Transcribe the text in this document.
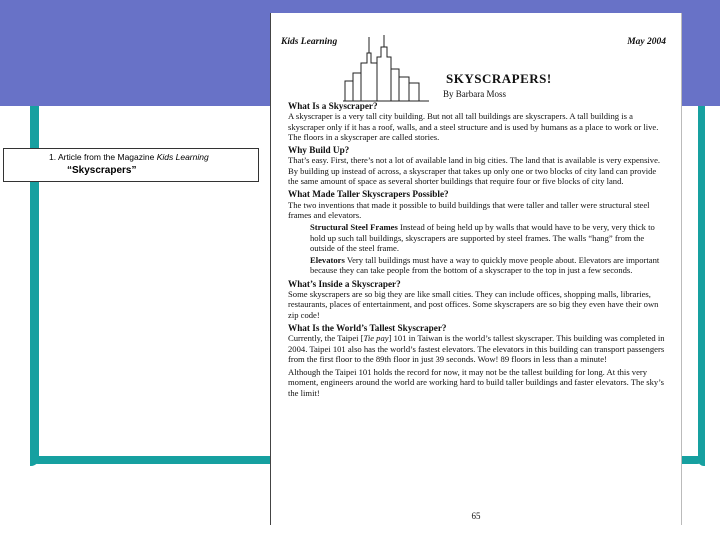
1. Article from the Magazine Kids Learning
“Skyscrapers”
Kids Learning	May 2004
SKYSCRAPERS!
By Barbara Moss
What Is a Skyscraper?

A skyscraper is a very tall city building. But not all tall buildings are skyscrapers. A tall building is a skyscraper only if it has a roof, walls, and a steel structure and is used by humans as a place to work or live. The floors in a skyscraper are called stories.

Why Build Up?

That’s easy. First, there’s not a lot of available land in big cities. The land that is available is very expensive. By building up instead of across, a skyscraper that takes up only one or two blocks of city land can provide the same amount of space as several shorter buildings that require four or five blocks of city land.

What Made Taller Skyscrapers Possible?

The two inventions that made it possible to build buildings that were taller and taller were structural steel frames and elevators.

Structural Steel Frames Instead of being held up by walls that would have to be very, very thick to hold up such tall buildings, skyscrapers are supported by steel frames. The walls “hang” from the outside of the steel frame.

Elevators Very tall buildings must have a way to quickly move people about. Elevators are important because they can take people from the bottom of a skyscraper to the top in just a few seconds.

What’s Inside a Skyscraper?

Some skyscrapers are so big they are like small cities. They can include offices, shopping malls, libraries, restaurants, places of entertainment, and post offices. Some skyscrapers are so big they even have their own zip code!

What Is the World’s Tallest Skyscraper?

Currently, the Taipei [Tie pay] 101 in Taiwan is the world’s tallest skyscraper. This building was completed in 2004. Taipei 101 also has the world’s fastest elevators. The elevators in this building can transport passengers from the first floor to the 89th floor in just 39 seconds. Wow! 89 floors in less than a minute!

Although the Taipei 101 holds the record for now, it may not be the tallest building for long. At this very moment, engineers around the world are working hard to build taller buildings and faster elevators. The sky’s the limit!

65
